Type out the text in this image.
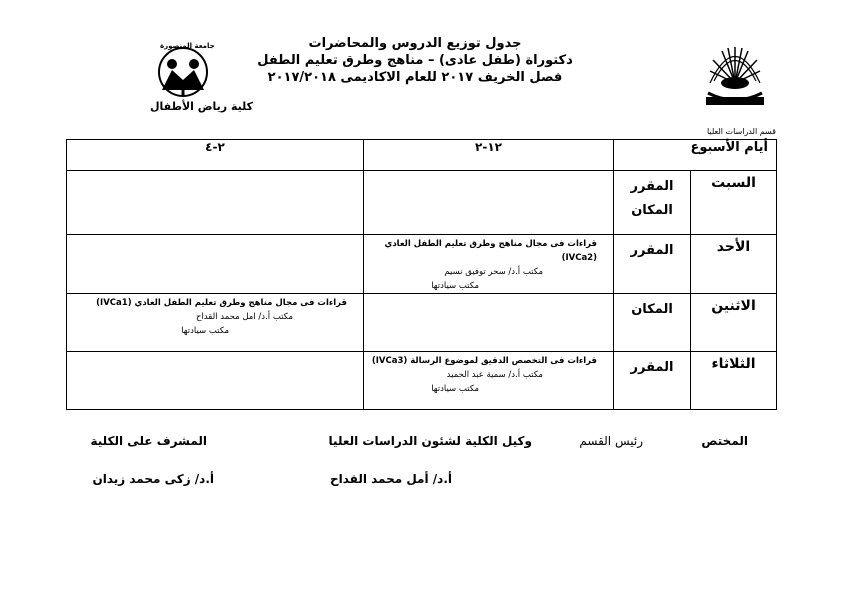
جدول توزيع الدروس والمحاضرات
دكتوراة (طفل عادى) – مناهج وطرق تعليم الطفل
فصل الخريف ٢٠١٧ للعام الاكاديمى ٢٠١٧/٢٠١٨
جامعة المنصورة
كلية رياض الأطفال
قسم الدراسات العليا
أيام الأسبوع		١٢-٢	٢-٤
السبت	المقرر
المكان		
الأحد	المقرر	قراءات فى مجال مناهج وطرق تعليم الطفل العادي (IVCa2)
مكتب أ.د/ سحر توفيق نسيم
مكتب سيادتها	

الاثنين	المكان		قراءات فى مجال مناهج وطرق تعليم الطفل العادي (IVCa1)
مكتب أ.د/ امل محمد القداح
مكتب سيادتها

الثلاثاء	المقرر	قراءات فى التخصص الدقيق لموضوع الرسالة (IVCa3)
مكتب أ.د/ سمية عبد الحميد
مكتب سيادتها	

المختص
رئيس القسم
وكيل الكلية لشئون الدراسات العليا
أ.د/ أمل محمد القداح
المشرف على الكلية
أ.د/ زكى محمد زيدان
